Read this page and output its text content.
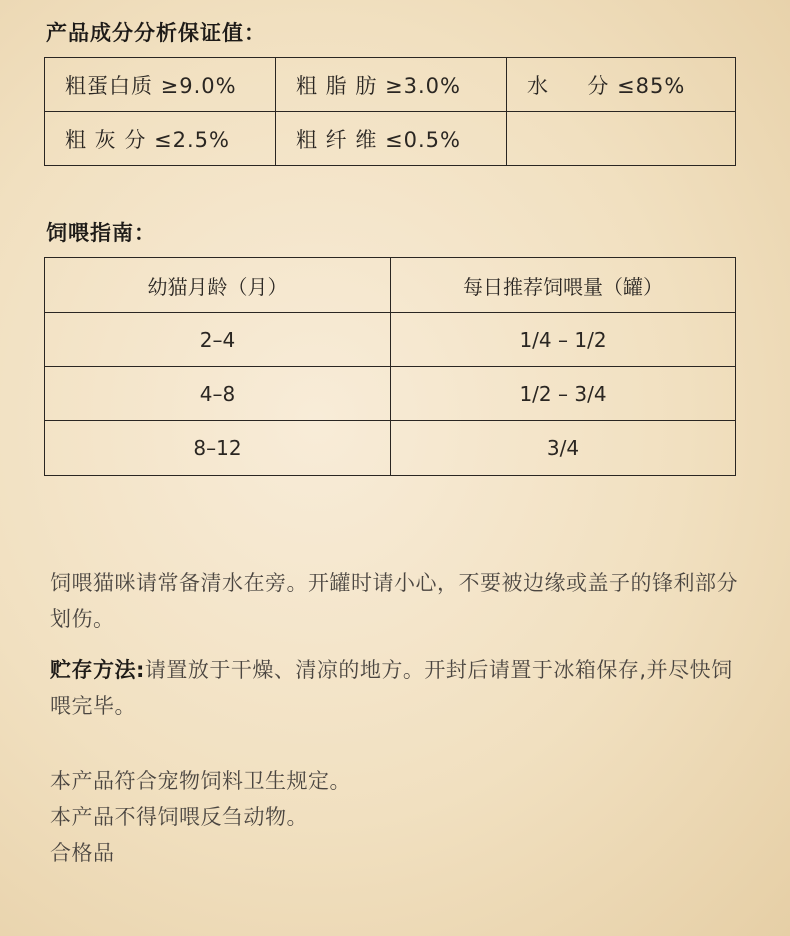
产品成分分析保证值：
粗蛋白质 ≥9.0%	粗 脂 肪 ≥3.0%	水     分 ≤85%
粗 灰 分 ≤2.5%	粗 纤 维 ≤0.5%	
饲喂指南：
幼猫月龄（月）	每日推荐饲喂量（罐）
2–4	1/4 – 1/2
4–8	1/2 – 3/4
8–12	3/4

饲喂猫咪请常备清水在旁。开罐时请小心，不要被边缘或盖子的锋利部分划伤。

贮存方法:请置放于干燥、清凉的地方。开封后请置于冰箱保存,并尽快饲喂完毕。

本产品符合宠物饲料卫生规定。

本产品不得饲喂反刍动物。

合格品
